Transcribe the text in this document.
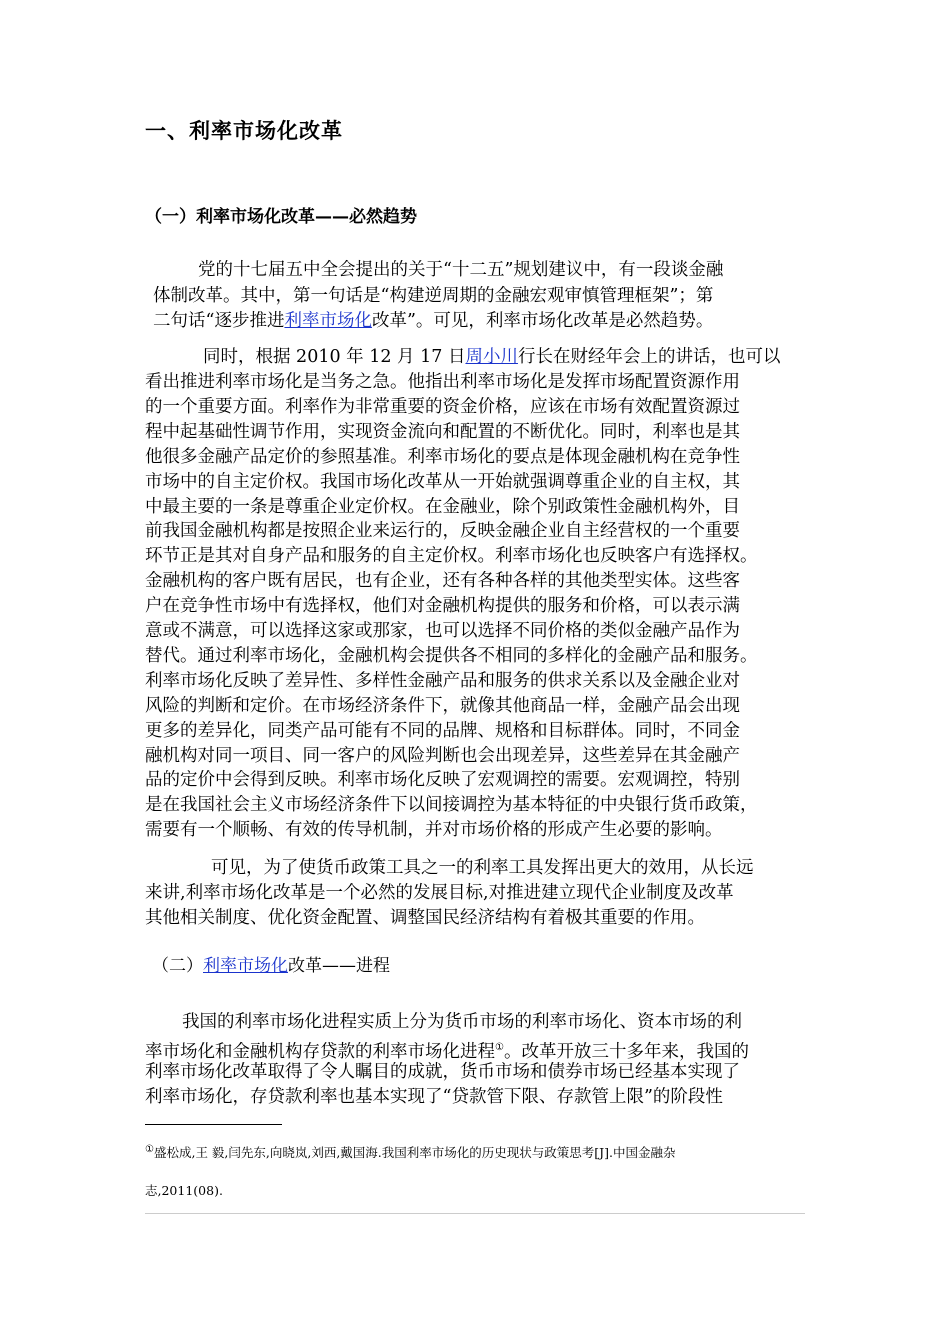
一、利率市场化改革
（一）利率市场化改革——必然趋势
党的十七届五中全会提出的关于“十二五”规划建议中，有一段谈金融
体制改革。其中，第一句话是“构建逆周期的金融宏观审慎管理框架”；第
二句话“逐步推进利率市场化改革”。可见，利率市场化改革是必然趋势。
同时，根据 2010 年 12 月 17 日周小川行长在财经年会上的讲话，也可以
看出推进利率市场化是当务之急。他指出利率市场化是发挥市场配置资源作用
的一个重要方面。利率作为非常重要的资金价格，应该在市场有效配置资源过
程中起基础性调节作用，实现资金流向和配置的不断优化。同时，利率也是其
他很多金融产品定价的参照基准。利率市场化的要点是体现金融机构在竞争性
市场中的自主定价权。我国市场化改革从一开始就强调尊重企业的自主权，其
中最主要的一条是尊重企业定价权。在金融业，除个别政策性金融机构外，目
前我国金融机构都是按照企业来运行的，反映金融企业自主经营权的一个重要
环节正是其对自身产品和服务的自主定价权。利率市场化也反映客户有选择权。
金融机构的客户既有居民，也有企业，还有各种各样的其他类型实体。这些客
户在竞争性市场中有选择权，他们对金融机构提供的服务和价格，可以表示满
意或不满意，可以选择这家或那家，也可以选择不同价格的类似金融产品作为
替代。通过利率市场化，金融机构会提供各不相同的多样化的金融产品和服务。
利率市场化反映了差异性、多样性金融产品和服务的供求关系以及金融企业对
风险的判断和定价。在市场经济条件下，就像其他商品一样，金融产品会出现
更多的差异化，同类产品可能有不同的品牌、规格和目标群体。同时，不同金
融机构对同一项目、同一客户的风险判断也会出现差异，这些差异在其金融产
品的定价中会得到反映。利率市场化反映了宏观调控的需要。宏观调控，特别
是在我国社会主义市场经济条件下以间接调控为基本特征的中央银行货币政策，
需要有一个顺畅、有效的传导机制，并对市场价格的形成产生必要的影响。
可见，为了使货币政策工具之一的利率工具发挥出更大的效用，从长远
来讲,利率市场化改革是一个必然的发展目标,对推进建立现代企业制度及改革
其他相关制度、优化资金配置、调整国民经济结构有着极其重要的作用。
（二）利率市场化改革——进程
我国的利率市场化进程实质上分为货币市场的利率市场化、资本市场的利
率市场化和金融机构存贷款的利率市场化进程①。改革开放三十多年来，我国的
利率市场化改革取得了令人瞩目的成就，货币市场和债券市场已经基本实现了
利率市场化，存贷款利率也基本实现了“贷款管下限、存款管上限”的阶段性
①盛松成,王 毅,闫先东,向晓岚,刘西,戴国海.我国利率市场化的历史现状与政策思考[J].中国金融杂
志,2011(08).
